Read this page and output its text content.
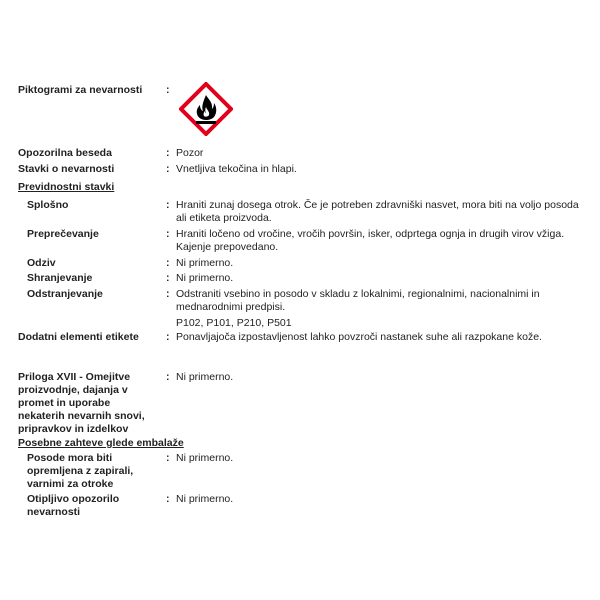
Piktogrami za nevarnosti :
Opozorilna beseda	: Pozor
Stavki o nevarnosti	: Vnetljiva tekočina in hlapi.
Previdnostni stavki
Splošno	: Hraniti zunaj dosega otrok. Če je potreben zdravniški nasvet, mora biti na voljo posoda
ali etiketa proizvoda.
Preprečevanje	: Hraniti ločeno od vročine, vročih površin, isker, odprtega ognja in drugih virov vžiga.
Kajenje prepovedano.
Odziv	: Ni primerno.
Shranjevanje	: Ni primerno.
Odstranjevanje	: Odstraniti vsebino in posodo v skladu z lokalnimi, regionalnimi, nacionalnimi in
mednarodnimi predpisi.
P102, P101, P210, P501
Dodatni elementi etikete	: Ponavljajoča izpostavljenost lahko povzroči nastanek suhe ali razpokane kože.
Priloga XVII - Omejitve
proizvodnje, dajanja v
promet in uporabe
nekaterih nevarnih snovi,
pripravkov in izdelkov
: Ni primerno.
Posebne zahteve glede embalaže
Posode mora biti
opremljena z zapirali,
varnimi za otroke
: Ni primerno.
Otipljivo opozorilo
nevarnosti
: Ni primerno.
